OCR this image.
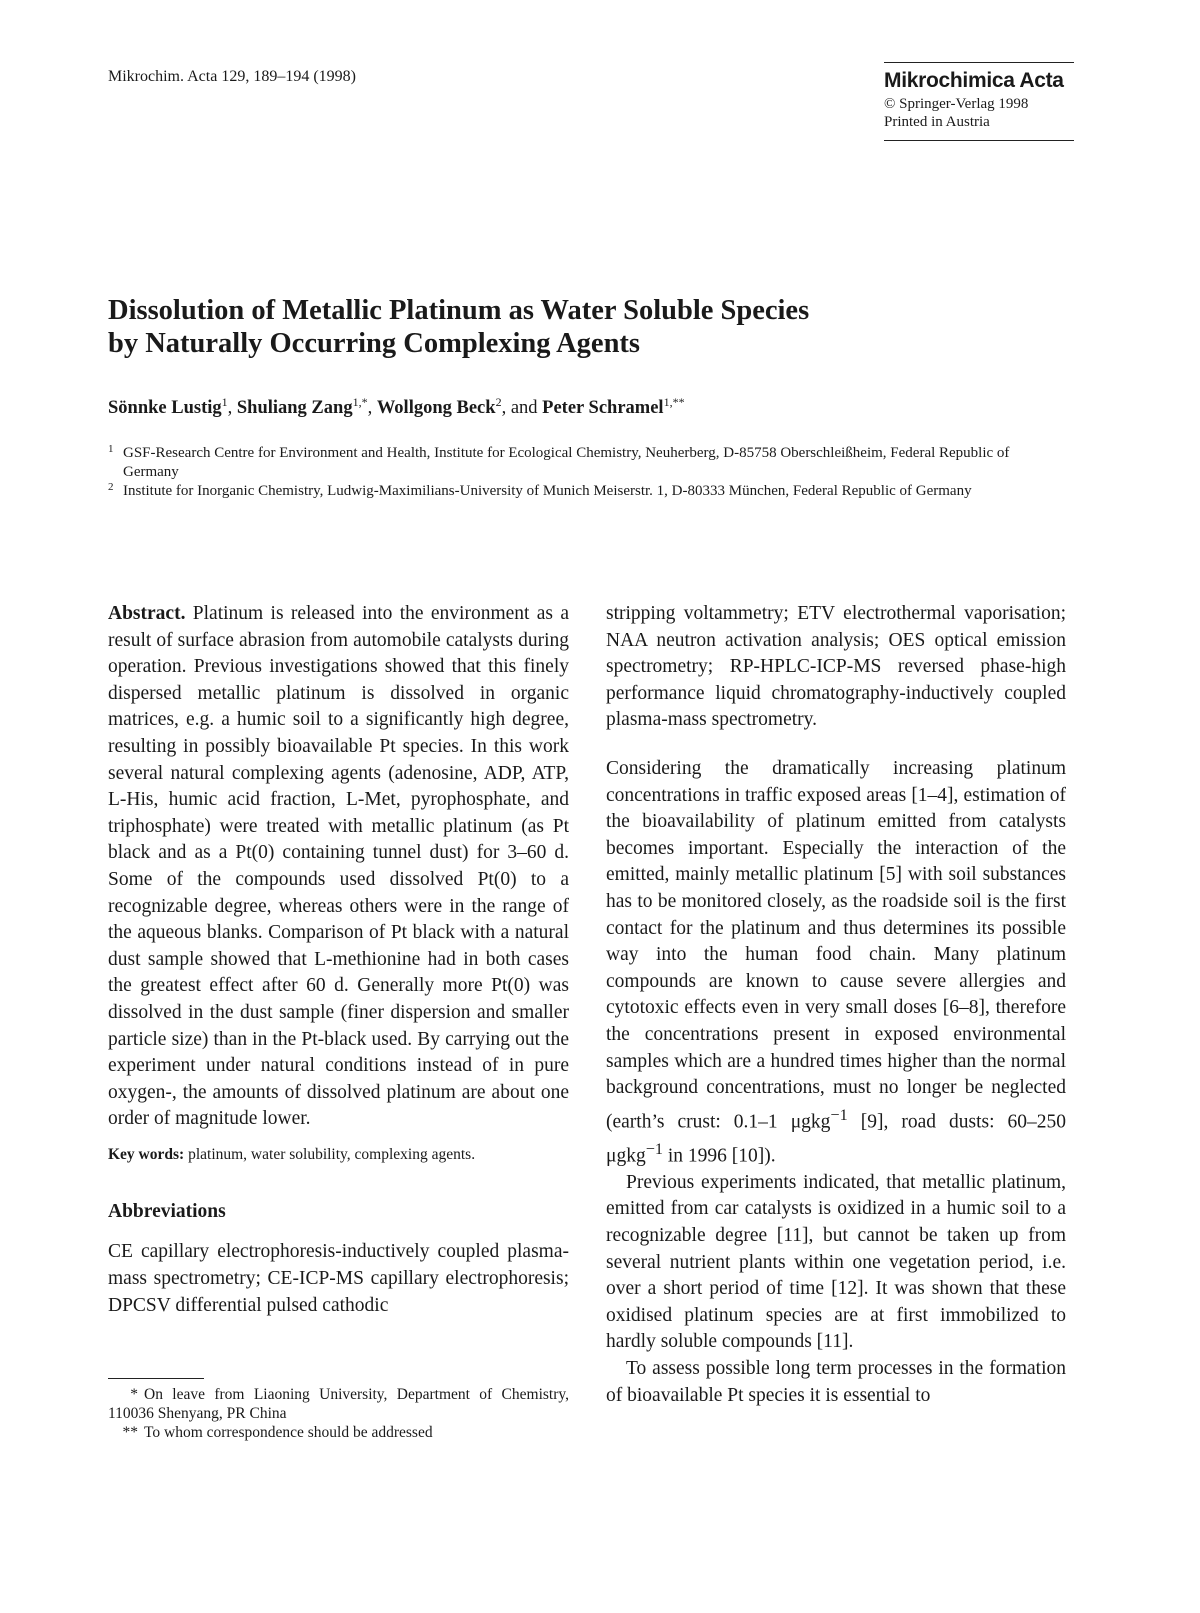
Mikrochim. Acta 129, 189–194 (1998)	Mikrochimica Acta
© Springer-Verlag 1998
Printed in Austria
Dissolution of Metallic Platinum as Water Soluble Species
by Naturally Occurring Complexing Agents
Sönnke Lustig$^1$, Shuliang Zang$^{1,*}$, Wollgong Beck$^2$, and Peter Schramel$^{1,**}$
1 GSF-Research Centre for Environment and Health, Institute for Ecological Chemistry, Neuherberg, D-85758 Oberschleißheim, Federal Republic of Germany
2 Institute for Inorganic Chemistry, Ludwig-Maximilians-University of Munich Meiserstr. 1, D-80333 München, Federal Republic of Germany

Abstract. Platinum is released into the environment as a result of surface abrasion from automobile catalysts during operation. Previous investigations showed that this finely dispersed metallic platinum is dissolved in organic matrices, e.g. a humic soil to a significantly high degree, resulting in possibly bioavailable Pt species. In this work several natural complexing agents (adenosine, ADP, ATP, L-His, humic acid fraction, L-Met, pyrophosphate, and triphosphate) were treated with metallic platinum (as Pt black and as a Pt(0) containing tunnel dust) for 3–60 d. Some of the compounds used dissolved Pt(0) to a recognizable degree, whereas others were in the range of the aqueous blanks. Comparison of Pt black with a natural dust sample showed that L-methionine had in both cases the greatest effect after 60 d. Generally more Pt(0) was dissolved in the dust sample (finer dispersion and smaller particle size) than in the Pt-black used. By carrying out the experiment under natural conditions instead of in pure oxygen-, the amounts of dissolved platinum are about one order of magnitude lower.

Key words: platinum, water solubility, complexing agents.

Abbreviations

CE capillary electrophoresis-inductively coupled plasma-mass spectrometry; CE-ICP-MS capillary electrophoresis; DPCSV differential pulsed cathodic

stripping voltammetry; ETV electrothermal vaporisation; NAA neutron activation analysis; OES optical emission spectrometry; RP-HPLC-ICP-MS reversed phase-high performance liquid chromatography-inductively coupled plasma-mass spectrometry.

Considering the dramatically increasing platinum concentrations in traffic exposed areas [1–4], estimation of the bioavailability of platinum emitted from catalysts becomes important. Especially the interaction of the emitted, mainly metallic platinum [5] with soil substances has to be monitored closely, as the roadside soil is the first contact for the platinum and thus determines its possible way into the human food chain. Many platinum compounds are known to cause severe allergies and cytotoxic effects even in very small doses [6–8], therefore the concentrations present in exposed environmental samples which are a hundred times higher than the normal background concentrations, must no longer be neglected (earth’s crust: 0.1–1 μgkg$^{-1}$ [9], road dusts: 60–250 μgkg$^{-1}$ in 1996 [10]).

Previous experiments indicated, that metallic platinum, emitted from car catalysts is oxidized in a humic soil to a recognizable degree [11], but cannot be taken up from several nutrient plants within one vegetation period, i.e. over a short period of time [12]. It was shown that these oxidised platinum species are at first immobilized to hardly soluble compounds [11].

To assess possible long term processes in the formation of bioavailable Pt species it is essential to

* On leave from Liaoning University, Department of Chemistry, 110036 Shenyang, PR China

** To whom correspondence should be addressed
